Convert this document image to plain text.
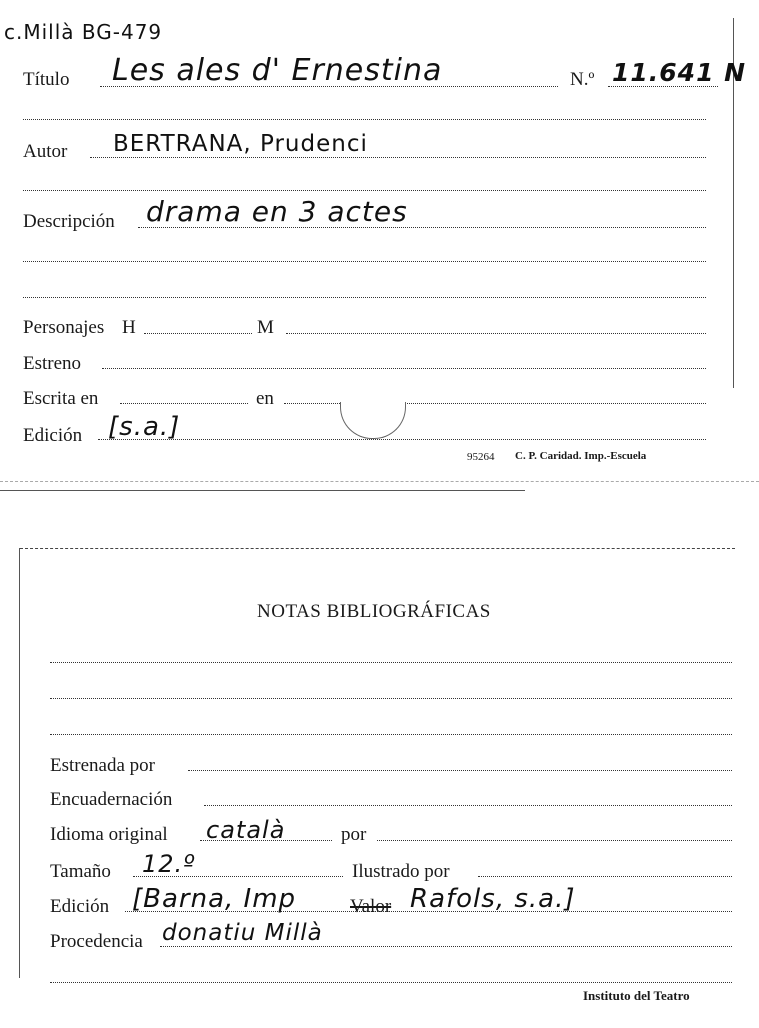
c.Millà BG-479
Título Les ales d' Ernestina	N.º 11.641 N
Autor BERTRANA, Prudenci
Descripción drama en 3 actes
Personajes H	M
Estreno
Escrita en	en
Edición [s.a.]
95264 C. P. Caridad. Imp.-Escuela
NOTAS BIBLIOGRÁFICAS
Estrenada por
Encuadernación
Idioma original català	por
Tamaño 12.º	Ilustrado por
Edición [Barna, Imp	Valor Rafols, s.a.]
Procedencia donatiu Millà
Instituto del Teatro
